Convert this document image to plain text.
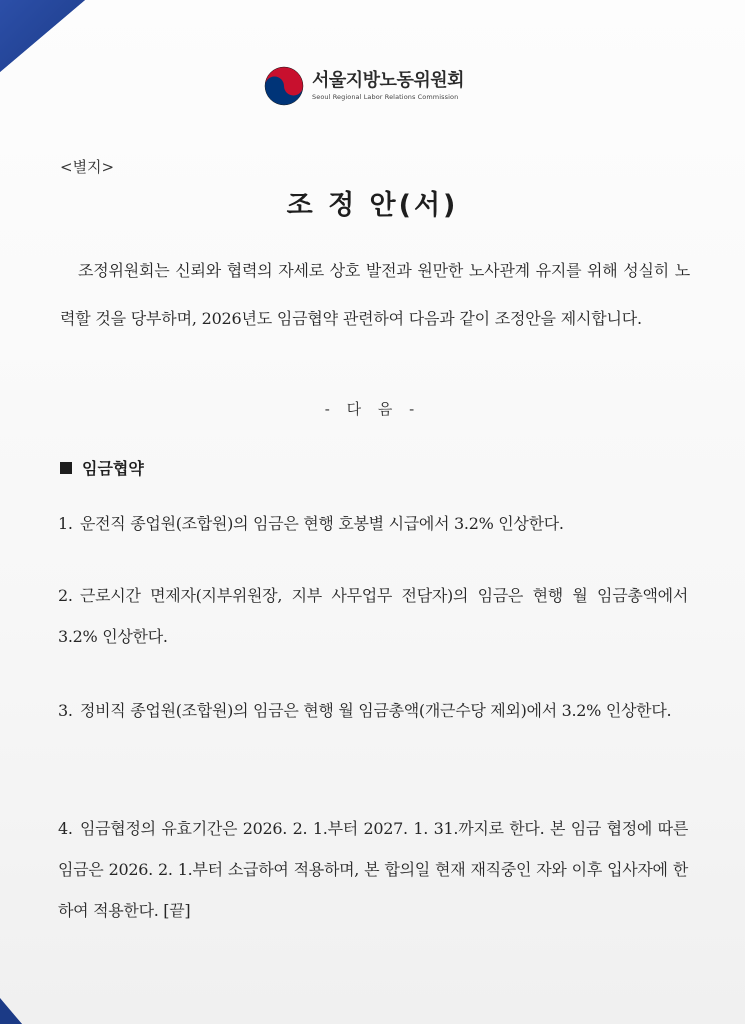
서울지방노동위원회
Seoul Regional Labor Relations Commission
<별지>
조 정 안(서)
조정위원회는 신뢰와 협력의 자세로 상호 발전과 원만한 노사관계 유지를 위해 성실히 노력할 것을 당부하며, 2026년도 임금협약 관련하여 다음과 같이 조정안을 제시합니다.
- 다 음 -
임금협약
1. 운전직 종업원(조합원)의 임금은 현행 호봉별 시급에서 3.2% 인상한다.
2. 근로시간 면제자(지부위원장, 지부 사무업무 전담자)의 임금은 현행 월 임금총액에서 3.2% 인상한다.
3. 정비직 종업원(조합원)의 임금은 현행 월 임금총액(개근수당 제외)에서 3.2% 인상한다.
4. 임금협정의 유효기간은 2026. 2. 1.부터 2027. 1. 31.까지로 한다. 본 임금 협정에 따른 임금은 2026. 2. 1.부터 소급하여 적용하며, 본 합의일 현재 재직중인 자와 이후 입사자에 한하여 적용한다. [끝]
